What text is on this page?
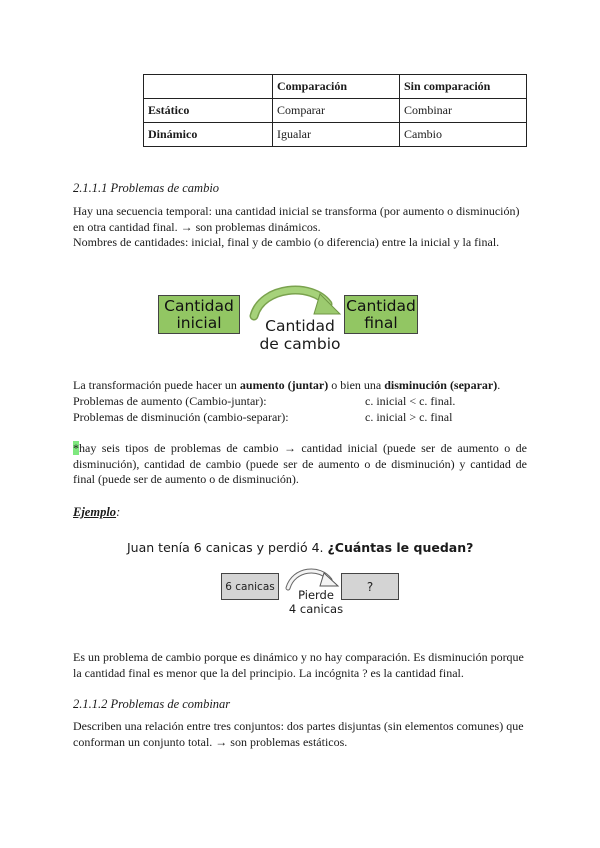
	Comparación	Sin comparación
Estático	Comparar	Combinar
Dinámico	Igualar	Cambio
2.1.1.1 Problemas de cambio
Hay una secuencia temporal: una cantidad inicial se transforma (por aumento o disminución)
en otra cantidad final. → son problemas dinámicos.
Nombres de cantidades: inicial, final y de cambio (o diferencia) entre la inicial y la final.
Cantidad
inicial	Cantidad
de cambio
Cantidad
final
La transformación puede hacer un aumento (juntar) o bien una disminución (separar).
Problemas de aumento (Cambio-juntar):	c. inicial < c. final.
Problemas de disminución (cambio-separar):	c. inicial > c. final
*hay seis tipos de problemas de cambio → cantidad inicial (puede ser de aumento o de
disminución), cantidad de cambio (puede ser de aumento o de disminución) y cantidad de
final (puede ser de aumento o de disminución).
Ejemplo:
Juan tenía 6 canicas y perdió 4. ¿Cuántas le quedan?
6 canicas	?
Pierde
4 canicas
Es un problema de cambio porque es dinámico y no hay comparación. Es disminución porque
la cantidad final es menor que la del principio. La incógnita ? es la cantidad final.
2.1.1.2 Problemas de combinar
Describen una relación entre tres conjuntos: dos partes disjuntas (sin elementos comunes) que
conforman un conjunto total. → son problemas estáticos.
